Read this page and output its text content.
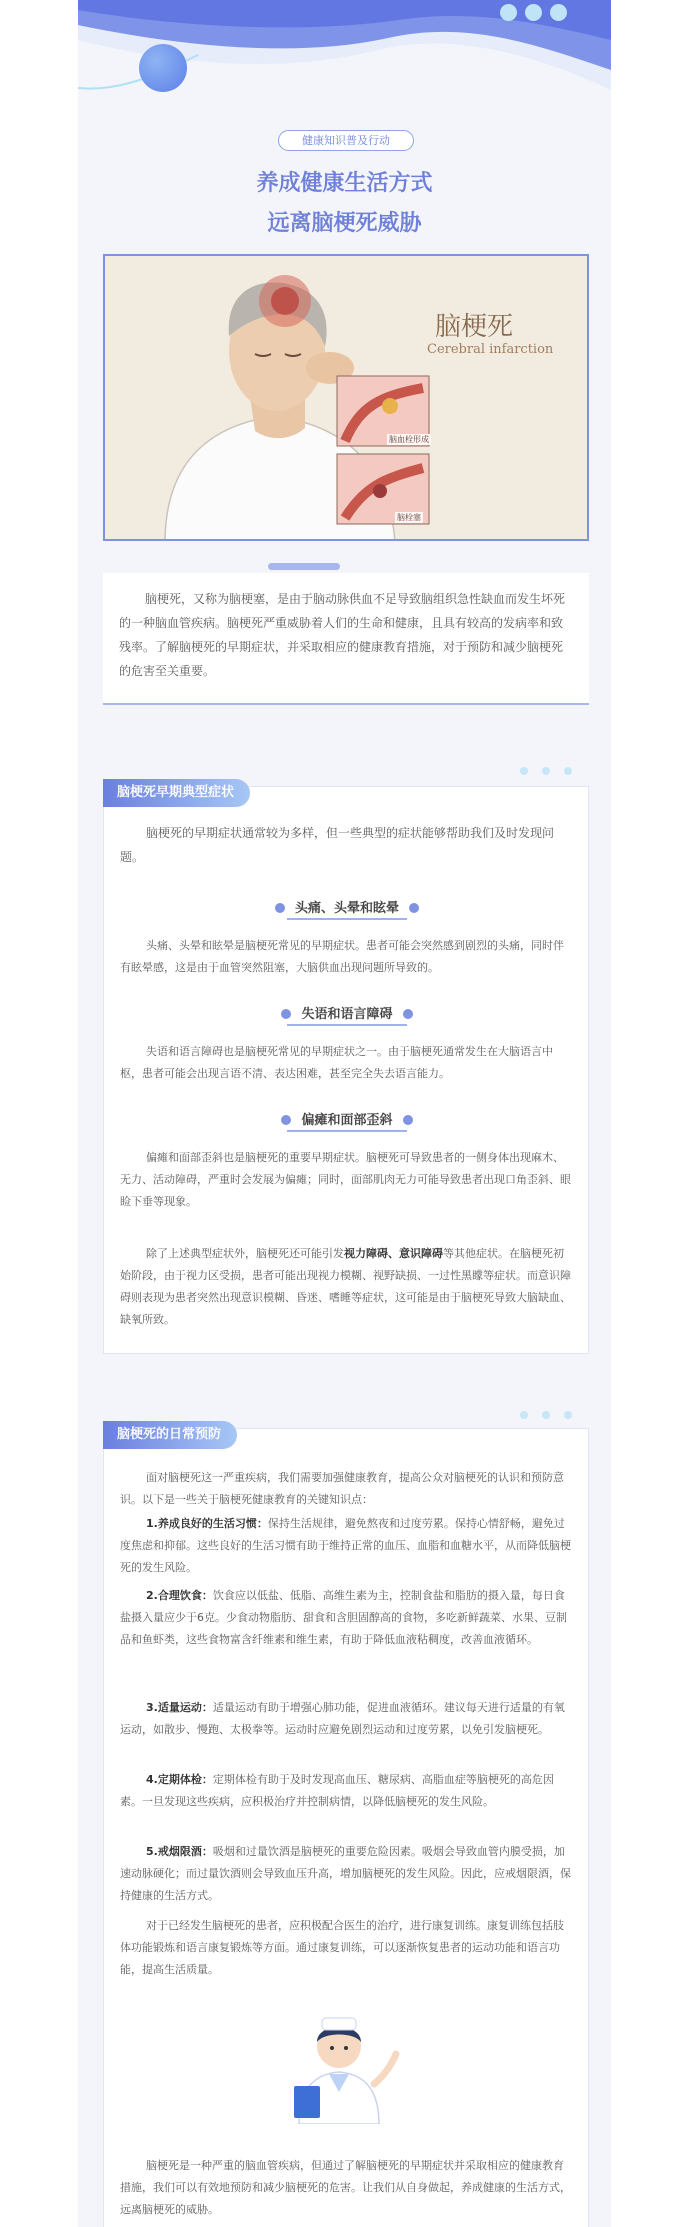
健康知识普及行动
养成健康生活方式
远离脑梗死威胁
脑梗死
Cerebral infarction
脑血栓形成
脑栓塞
脑梗死，又称为脑梗塞，是由于脑动脉供血不足导致脑组织急性缺血而发生坏死的一种脑血管疾病。脑梗死严重威胁着人们的生命和健康，且具有较高的发病率和致残率。了解脑梗死的早期症状，并采取相应的健康教育措施，对于预防和减少脑梗死的危害至关重要。
脑梗死早期典型症状
脑梗死的早期症状通常较为多样，但一些典型的症状能够帮助我们及时发现问题。
头痛、头晕和眩晕
头痛、头晕和眩晕是脑梗死常见的早期症状。患者可能会突然感到剧烈的头痛，同时伴有眩晕感，这是由于血管突然阻塞，大脑供血出现问题所导致的。
失语和语言障碍
失语和语言障碍也是脑梗死常见的早期症状之一。由于脑梗死通常发生在大脑语言中枢，患者可能会出现言语不清、表达困难，甚至完全失去语言能力。
偏瘫和面部歪斜
偏瘫和面部歪斜也是脑梗死的重要早期症状。脑梗死可导致患者的一侧身体出现麻木、无力、活动障碍，严重时会发展为偏瘫；同时，面部肌肉无力可能导致患者出现口角歪斜、眼睑下垂等现象。
除了上述典型症状外，脑梗死还可能引发视力障碍、意识障碍等其他症状。在脑梗死初始阶段，由于视力区受损，患者可能出现视力模糊、视野缺损、一过性黑矇等症状。而意识障碍则表现为患者突然出现意识模糊、昏迷、嗜睡等症状，这可能是由于脑梗死导致大脑缺血、缺氧所致。
脑梗死的日常预防
面对脑梗死这一严重疾病，我们需要加强健康教育，提高公众对脑梗死的认识和预防意识。以下是一些关于脑梗死健康教育的关键知识点：
1.养成良好的生活习惯：保持生活规律，避免熬夜和过度劳累。保持心情舒畅，避免过度焦虑和抑郁。这些良好的生活习惯有助于维持正常的血压、血脂和血糖水平，从而降低脑梗死的发生风险。
2.合理饮食：饮食应以低盐、低脂、高维生素为主，控制食盐和脂肪的摄入量，每日食盐摄入量应少于6克。少食动物脂肪、甜食和含胆固醇高的食物，多吃新鲜蔬菜、水果、豆制品和鱼虾类，这些食物富含纤维素和维生素，有助于降低血液粘稠度，改善血液循环。
3.适量运动：适量运动有助于增强心肺功能，促进血液循环。建议每天进行适量的有氧运动，如散步、慢跑、太极拳等。运动时应避免剧烈运动和过度劳累，以免引发脑梗死。
4.定期体检：定期体检有助于及时发现高血压、糖尿病、高脂血症等脑梗死的高危因素。一旦发现这些疾病，应积极治疗并控制病情，以降低脑梗死的发生风险。
5.戒烟限酒：吸烟和过量饮酒是脑梗死的重要危险因素。吸烟会导致血管内膜受损，加速动脉硬化；而过量饮酒则会导致血压升高，增加脑梗死的发生风险。因此，应戒烟限酒，保持健康的生活方式。
对于已经发生脑梗死的患者，应积极配合医生的治疗，进行康复训练。康复训练包括肢体功能锻炼和语言康复锻炼等方面。通过康复训练，可以逐渐恢复患者的运动功能和语言功能，提高生活质量。
脑梗死是一种严重的脑血管疾病，但通过了解脑梗死的早期症状并采取相应的健康教育措施，我们可以有效地预防和减少脑梗死的危害。让我们从自身做起，养成健康的生活方式，远离脑梗死的威胁。
